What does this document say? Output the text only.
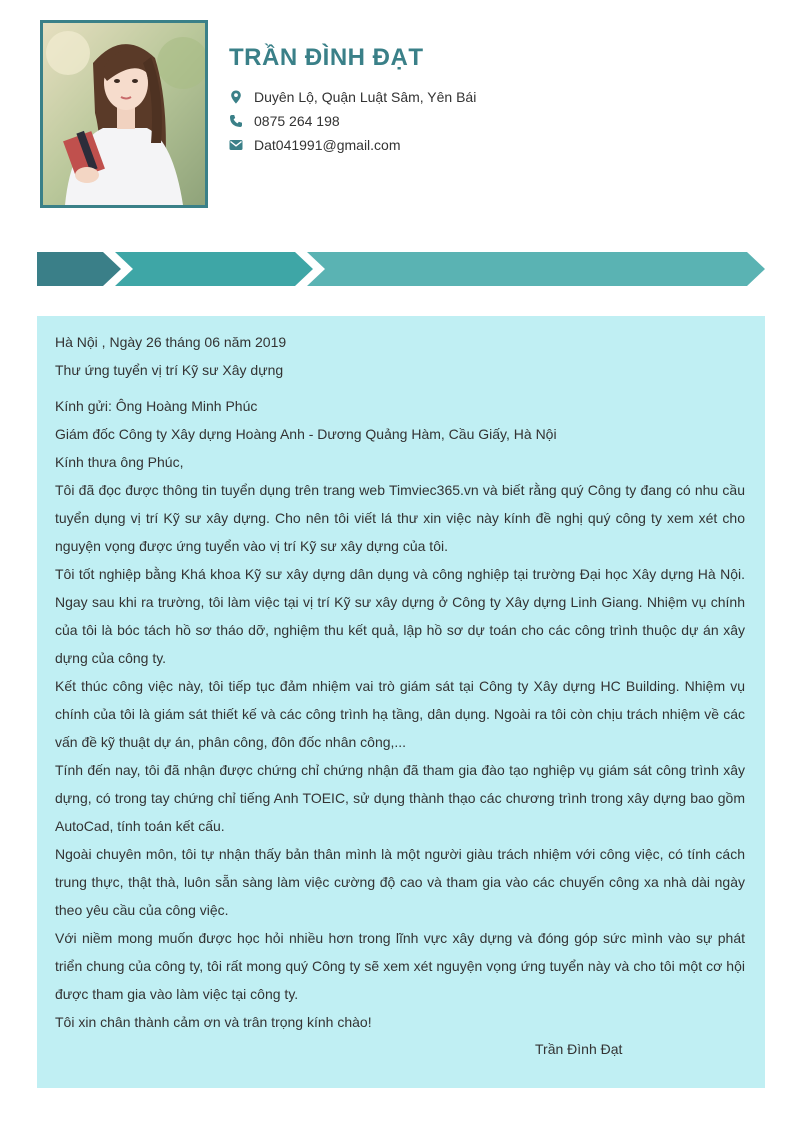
TRẦN ĐÌNH ĐẠT
Duyên Lộ, Quận Luật Sâm, Yên Bái
0875 264 198
Dat041991@gmail.com

Hà Nội , Ngày 26 tháng 06 năm 2019

Thư ứng tuyển vị trí Kỹ sư Xây dựng

Kính gửi: Ông Hoàng Minh Phúc

Giám đốc Công ty Xây dựng Hoàng Anh - Dương Quảng Hàm, Cầu Giấy, Hà Nội

Kính thưa ông Phúc,

Tôi đã đọc được thông tin tuyển dụng trên trang web Timviec365.vn và biết rằng quý Công ty đang có nhu cầu tuyển dụng vị trí Kỹ sư xây dựng. Cho nên tôi viết lá thư xin việc này kính đề nghị quý công ty xem xét cho nguyện vọng được ứng tuyển vào vị trí Kỹ sư xây dựng của tôi.

Tôi tốt nghiệp bằng Khá khoa Kỹ sư xây dựng dân dụng và công nghiệp tại trường Đại học Xây dựng Hà Nội. Ngay sau khi ra trường, tôi làm việc tại vị trí Kỹ sư xây dựng ở Công ty Xây dựng Linh Giang. Nhiệm vụ chính của tôi là bóc tách hồ sơ tháo dỡ, nghiệm thu kết quả, lập hồ sơ dự toán cho các công trình thuộc dự án xây dựng của công ty.

Kết thúc công việc này, tôi tiếp tục đảm nhiệm vai trò giám sát tại Công ty Xây dựng HC Building. Nhiệm vụ chính của tôi là giám sát thiết kế và các công trình hạ tầng, dân dụng. Ngoài ra tôi còn chịu trách nhiệm về các vấn đề kỹ thuật dự án, phân công, đôn đốc nhân công,...

Tính đến nay, tôi đã nhận được chứng chỉ chứng nhận đã tham gia đào tạo nghiệp vụ giám sát công trình xây dựng, có trong tay chứng chỉ tiếng Anh TOEIC, sử dụng thành thạo các chương trình trong xây dựng bao gồm AutoCad, tính toán kết cấu.

Ngoài chuyên môn, tôi tự nhận thấy bản thân mình là một người giàu trách nhiệm với công việc, có tính cách trung thực, thật thà, luôn sẵn sàng làm việc cường độ cao và tham gia vào các chuyến công xa nhà dài ngày theo yêu cầu của công việc.

Với niềm mong muốn được học hỏi nhiều hơn trong lĩnh vực xây dựng và đóng góp sức mình vào sự phát triển chung của công ty, tôi rất mong quý Công ty sẽ xem xét nguyện vọng ứng tuyển này và cho tôi một cơ hội được tham gia vào làm việc tại công ty.

Tôi xin chân thành cảm ơn và trân trọng kính chào!

Trần Đình Đạt
